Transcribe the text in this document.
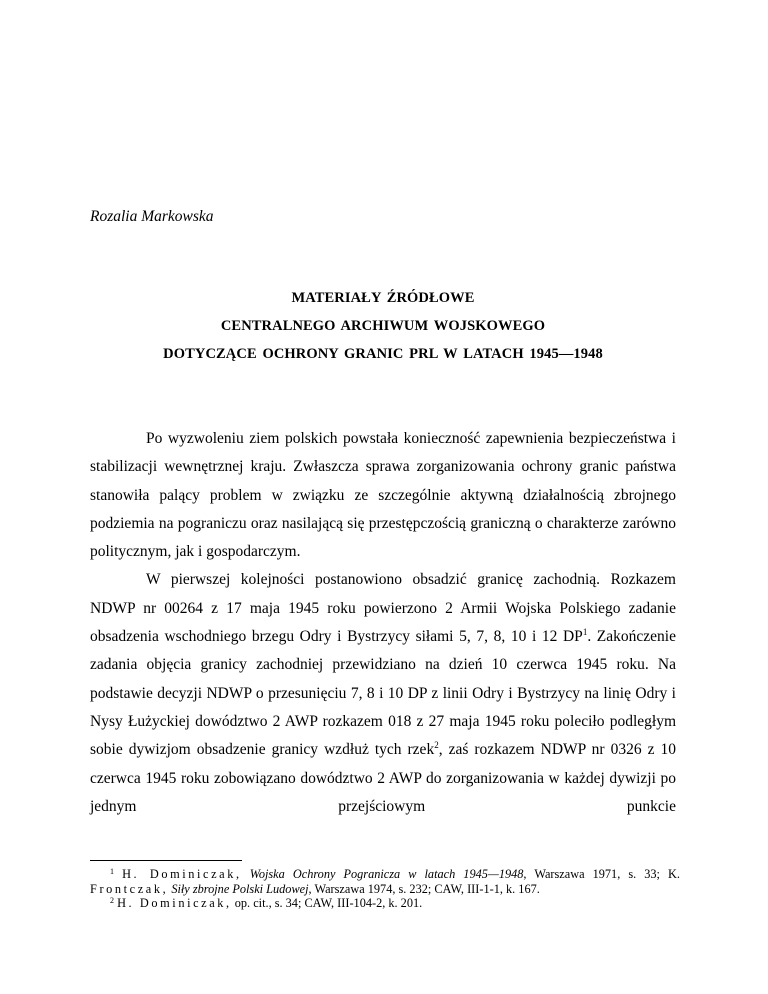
Rozalia Markowska

MATERIAŁY ŹRÓDŁOWE

CENTRALNEGO ARCHIWUM WOJSKOWEGO

DOTYCZĄCE OCHRONY GRANIC PRL W LATACH 1945—1948

Po wyzwoleniu ziem polskich powstała konieczność zapewnienia bezpieczeństwa i stabilizacji wewnętrznej kraju. Zwłaszcza sprawa zorganizowania ochrony granic państwa stanowiła palący problem w związku ze szczególnie aktywną działalnością zbrojnego podziemia na pograniczu oraz nasilającą się przestępczością graniczną o charakterze zarówno politycznym, jak i gospodarczym.

W pierwszej kolejności postanowiono obsadzić granicę zachodnią. Rozkazem NDWP nr 00264 z 17 maja 1945 roku powierzono 2 Armii Wojska Polskiego zadanie obsadzenia wschodniego brzegu Odry i Bystrzycy siłami 5, 7, 8, 10 i 12 $DP^1$. Zakończenie zadania objęcia granicy zachodniej przewidziano na dzień 10 czerwca 1945 roku. Na podstawie decyzji NDWP o przesunięciu 7, 8 i 10 DP z linii Odry i Bystrzycy na linię Odry i Nysy Łużyckiej dowództwo 2 AWP rozkazem 018 z 27 maja 1945 roku poleciło podległym sobie dywizjom obsadzenie granicy wzdłuż tych rzek$^2$, zaś rozkazem NDWP nr 0326 z 10 czerwca 1945 roku zobowiązano dowództwo 2 AWP do zorganizowania w każdej dywizji po jednym przejściowym punkcie

$^1$ H. Dominiczak, Wojska Ochrony Pogranicza w latach 1945—1948, Warszawa 1971, s. 33; K. Frontczak, Siły zbrojne Polski Ludowej, Warszawa 1974, s. 232; CAW, III-1-1, k. 167.

$^2$ H. Dominiczak, op. cit., s. 34; CAW, III-104-2, k. 201.
